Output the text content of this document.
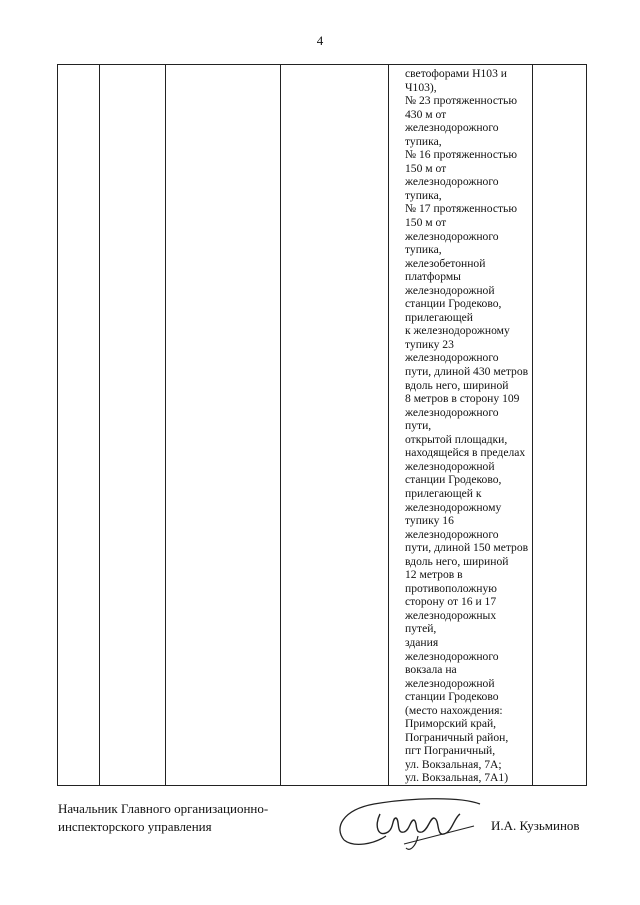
4

светофорами Н103 и
Ч103),
№ 23 протяженностью
430 м от
железнодорожного
тупика,
№ 16 протяженностью
150 м от
железнодорожного
тупика,
№ 17 протяженностью
150 м от
железнодорожного
тупика,
железобетонной
платформы
железнодорожной
станции Гродеково,
прилегающей
к железнодорожному
тупику 23
железнодорожного
пути, длиной 430 метров
вдоль него, шириной
8 метров в сторону 109
железнодорожного
пути,
открытой площадки,
находящейся в пределах
железнодорожной
станции Гродеково,
прилегающей к
железнодорожному
тупику 16
железнодорожного
пути, длиной 150 метров
вдоль него, шириной
12 метров в
противоположную
сторону от 16 и 17
железнодорожных
путей,
здания
железнодорожного
вокзала на
железнодорожной
станции Гродеково
(место нахождения:
Приморский край,
Пограничный район,
пгт Пограничный,
ул. Вокзальная, 7А;
ул. Вокзальная, 7А1)

Начальник Главного организационно-
инспекторского управления	И.А. Кузьминов
